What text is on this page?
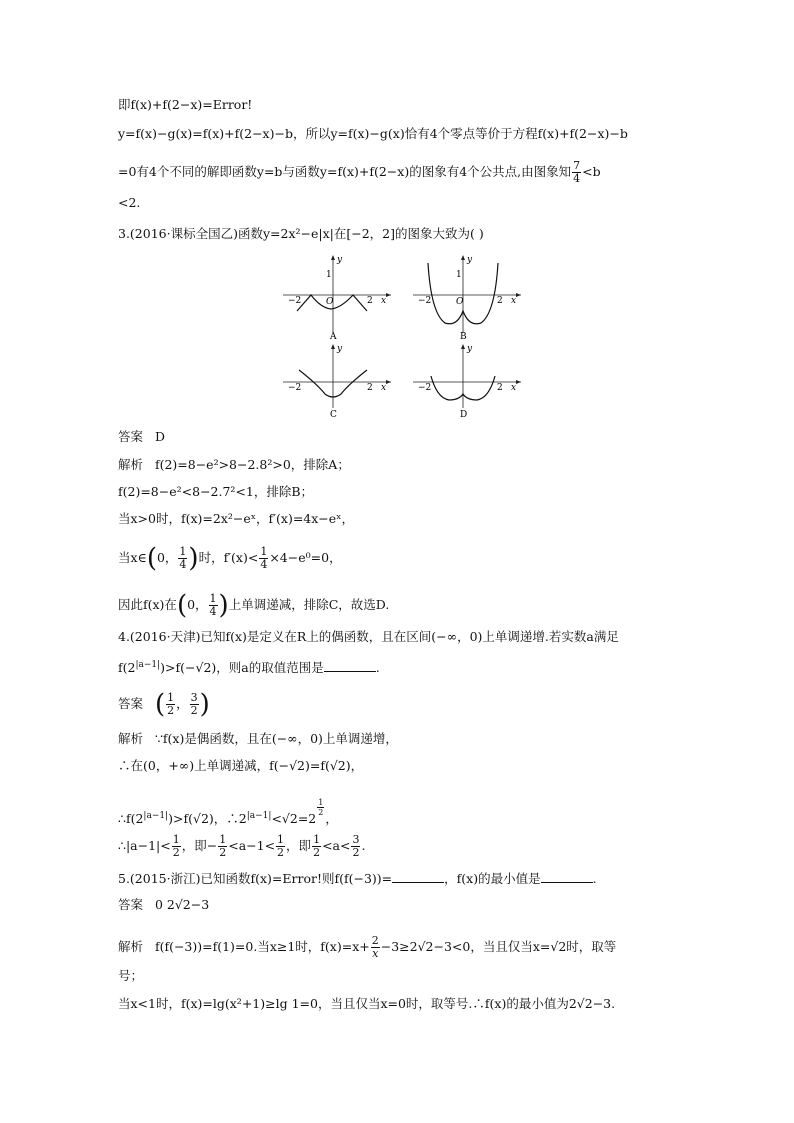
即f(x)+f(2−x)=Error!
y=f(x)−g(x)=f(x)+f(2−x)−b，所以y=f(x)−g(x)恰有4个零点等价于方程f(x)+f(2−x)−b
=0有4个不同的解即函数y=b与函数y=f(x)+f(2−x)的图象有4个公共点,由图象知 $\frac{7}{4} <b$
<2.
3.(2016·课标全国乙)函数y=2x²−e|x|在[−2，2]的图象大致为( )
y
1
−2	O	2 x
A
y
1
−2	O	2 x
B
y
−2	2 x
C
y
−2	2 x
D
答案 D
解析 f(2)=8−e²>8−2.8²>0，排除A；
f(2)=8−e²<8−2.7²<1，排除B；
当x>0时，f(x)=2x²−eˣ，f′(x)=4x−eˣ，
当x∈(0， $\frac{1}{4}$ )时，$f'(x)< \frac{1}{4} \times 4-e^0=0$，
因此f(x)在(0， $\frac{1}{4}$ )上单调递减，排除C，故选D.
4.(2016·天津)已知f(x)是定义在R上的偶函数，且在区间(−∞，0)上单调递增.若实数a满足
$f(2^{|a-1|})>f(-√2)$，则a的取值范围是	.
答案 ( $\frac{1}{2}$ ， $\frac{3}{2}$ )
解析 ∵f(x)是偶函数，且在(−∞，0)上单调递增，
∴在(0，+∞)上单调递减，f(−√2)=f(√2)，
$\therefore f(2^{|a-1|})>f(√2)$，$\therefore 2^{|a-1|}<√2=2$
$\frac{1}{2}$
，
∴|a−1|< $\frac{1}{2}$ ，即− $\frac{1}{2} <a-1< \frac{1}{2}$ ，即 $\frac{1}{2} <a< \frac{3}{2}$ .
5.(2015·浙江)已知函数f(x)=Error!则f(f(−3))=	，f(x)的最小值是	.
答案 0 2√2−3
解析 f(f(−3))=f(1)=0.当x≥1时，$f(x)=x+ \frac{2}{x} -3\ge 2√2-3<0$，当且仅当x=√2时，取等
号；
当x<1时，f(x)=lg(x²+1)≥lg 1=0，当且仅当x=0时，取等号.∴f(x)的最小值为2√2−3.
